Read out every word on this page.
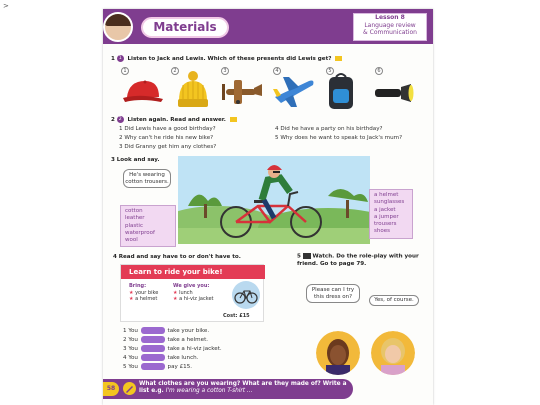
>
Materials
Lesson 8
Language review
& Communication
1 1 Listen to Jack and Lewis. Which of these presents did Lewis get?
1	2	3	4	5	6
2 2 Listen again. Read and answer.
1 Did Lewis have a good birthday?
2 Why can't he ride his new bike?
3 Did Granny get him any clothes?
4 Did he have a party on his birthday?
5 Why does he want to speak to Jack's mum?
3 Look and say.
He's wearing cotton trousers.
cotton
leather
plastic
waterproof
wool
a helmet
sunglasses
a jacket
a jumper
trousers
shoes
4 Read and say have to or don't have to.
Learn to ride your bike!
Bring:
★ your bike
★ a helmet
We give you:
★ lunch
★ a hi-viz jacket
Cost: £15
1 You	take your bike.
2 You	take a helmet.
3 You	take a hi-viz jacket.
4 You	take lunch.
5 You	pay £15.
5 Watch. Do the role-play with your friend. Go to page 79.
Please can I try this dress on?	Yes, of course.
58
What clothes are you wearing? What are they made of? Write a list e.g. I'm wearing a cotton T-shirt ...
